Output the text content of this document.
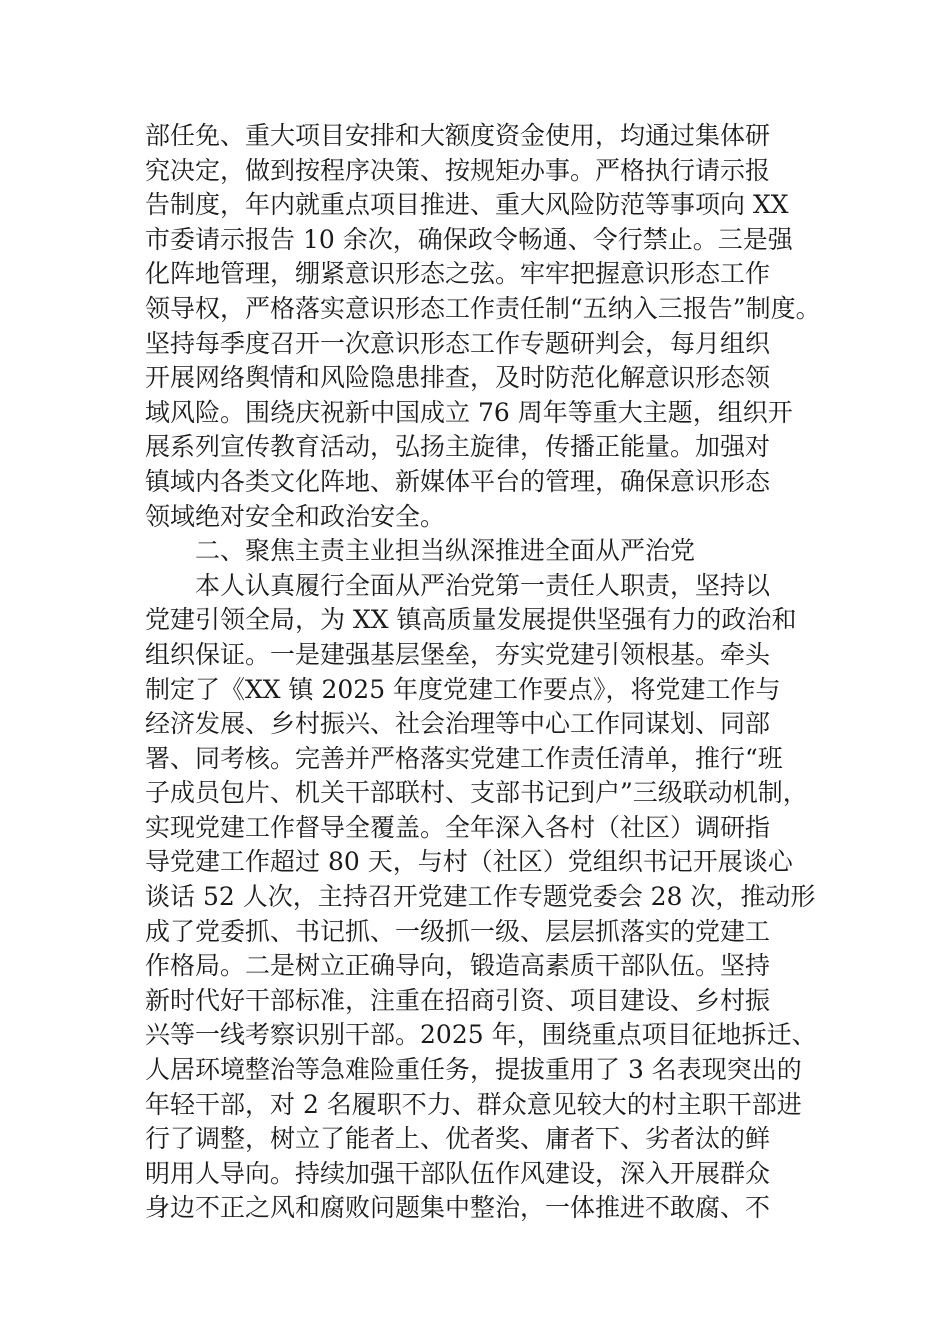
部任免、重大项目安排和大额度资金使用，均通过集体研
究决定，做到按程序决策、按规矩办事。严格执行请示报
告制度，年内就重点项目推进、重大风险防范等事项向 XX
市委请示报告 10 余次，确保政令畅通、令行禁止。三是强
化阵地管理，绷紧意识形态之弦。牢牢把握意识形态工作
领导权，严格落实意识形态工作责任制“五纳入三报告”制度。
坚持每季度召开一次意识形态工作专题研判会，每月组织
开展网络舆情和风险隐患排查，及时防范化解意识形态领
域风险。围绕庆祝新中国成立 76 周年等重大主题，组织开
展系列宣传教育活动，弘扬主旋律，传播正能量。加强对
镇域内各类文化阵地、新媒体平台的管理，确保意识形态
领域绝对安全和政治安全。
二、聚焦主责主业担当纵深推进全面从严治党
本人认真履行全面从严治党第一责任人职责，坚持以
党建引领全局，为 XX 镇高质量发展提供坚强有力的政治和
组织保证。一是建强基层堡垒，夯实党建引领根基。牵头
制定了《XX 镇 2025 年度党建工作要点》，将党建工作与
经济发展、乡村振兴、社会治理等中心工作同谋划、同部
署、同考核。完善并严格落实党建工作责任清单，推行“班
子成员包片、机关干部联村、支部书记到户”三级联动机制，
实现党建工作督导全覆盖。全年深入各村（社区）调研指
导党建工作超过 80 天，与村（社区）党组织书记开展谈心
谈话 52 人次，主持召开党建工作专题党委会 28 次，推动形
成了党委抓、书记抓、一级抓一级、层层抓落实的党建工
作格局。二是树立正确导向，锻造高素质干部队伍。坚持
新时代好干部标准，注重在招商引资、项目建设、乡村振
兴等一线考察识别干部。2025 年，围绕重点项目征地拆迁、
人居环境整治等急难险重任务，提拔重用了 3 名表现突出的
年轻干部，对 2 名履职不力、群众意见较大的村主职干部进
行了调整，树立了能者上、优者奖、庸者下、劣者汰的鲜
明用人导向。持续加强干部队伍作风建设，深入开展群众
身边不正之风和腐败问题集中整治，一体推进不敢腐、不
